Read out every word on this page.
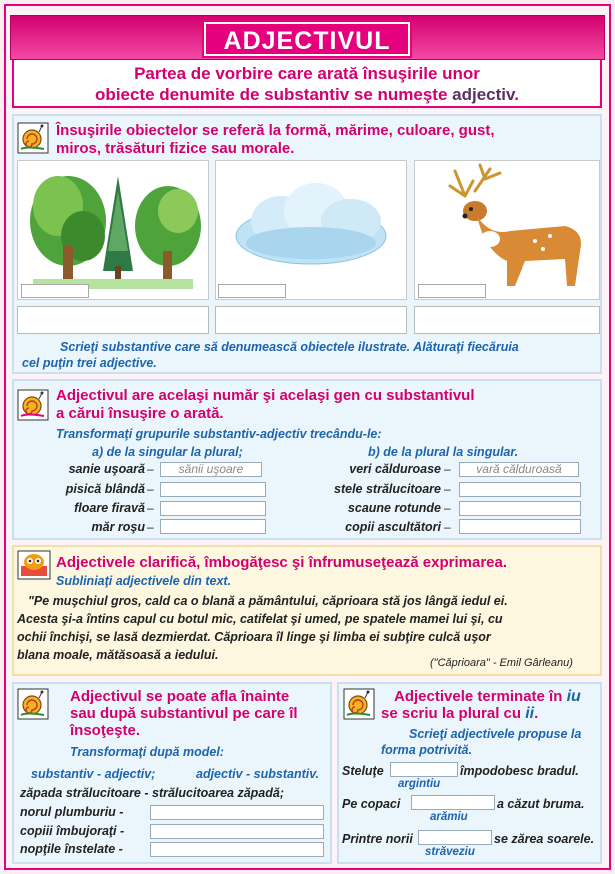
ADJECTIVUL
Partea de vorbire care arată însuşirile unor
obiecte denumite de substantiv se numeşte adjectiv.
Însuşirile obiectelor se referă la formă, mărime, culoare, gust,
miros, trăsături fizice sau morale.
Scrieţi substantive care să denumească obiectele ilustrate. Alăturaţi fiecăruia
cel puţin trei adjective.
Adjectivul are acelaşi număr şi acelaşi gen cu substantivul
a cărui însuşire o arată.
Transformaţi grupurile substantiv-adjectiv trecându-le:
a) de la singular la plural;	b) de la plural la singular.
sanie uşoară –	sănii uşoare
pisică blândă –
floare firavă –
măr roşu –
veri călduroase –	vară călduroasă
stele strălucitoare –
scaune rotunde –
copii ascultători –
Adjectivele clarifică, îmbogăţesc şi înfrumuseţează exprimarea.
Subliniaţi adjectivele din text.
"Pe muşchiul gros, cald ca o blană a pământului, căprioara stă jos lângă iedul ei.
Acesta şi-a întins capul cu botul mic, catifelat şi umed, pe spatele mamei lui şi, cu
ochii închişi, se lasă dezmierdat. Căprioara îl linge şi limba ei subţire culcă uşor
blana moale, mătăsoasă a iedului.
("Căprioara" - Emil Gârleanu)
Adjectivul se poate afla înainte
sau după substantivul pe care îl
însoţeşte.
Transformaţi după model:
substantiv - adjectiv;	adjectiv - substantiv.
zăpada strălucitoare - strălucitoarea zăpadă;
norul plumburiu -
copiii îmbujoraţi -
nopţile înstelate -
Adjectivele terminate în iu
se scriu la plural cu ii.
Scrieţi adjectivele propuse la
forma potrivită.
Steluţe	împodobesc bradul.
argintiu
Pe copaci	a căzut bruma.
arămiu
Printre norii	se zărea soarele.
străveziu
